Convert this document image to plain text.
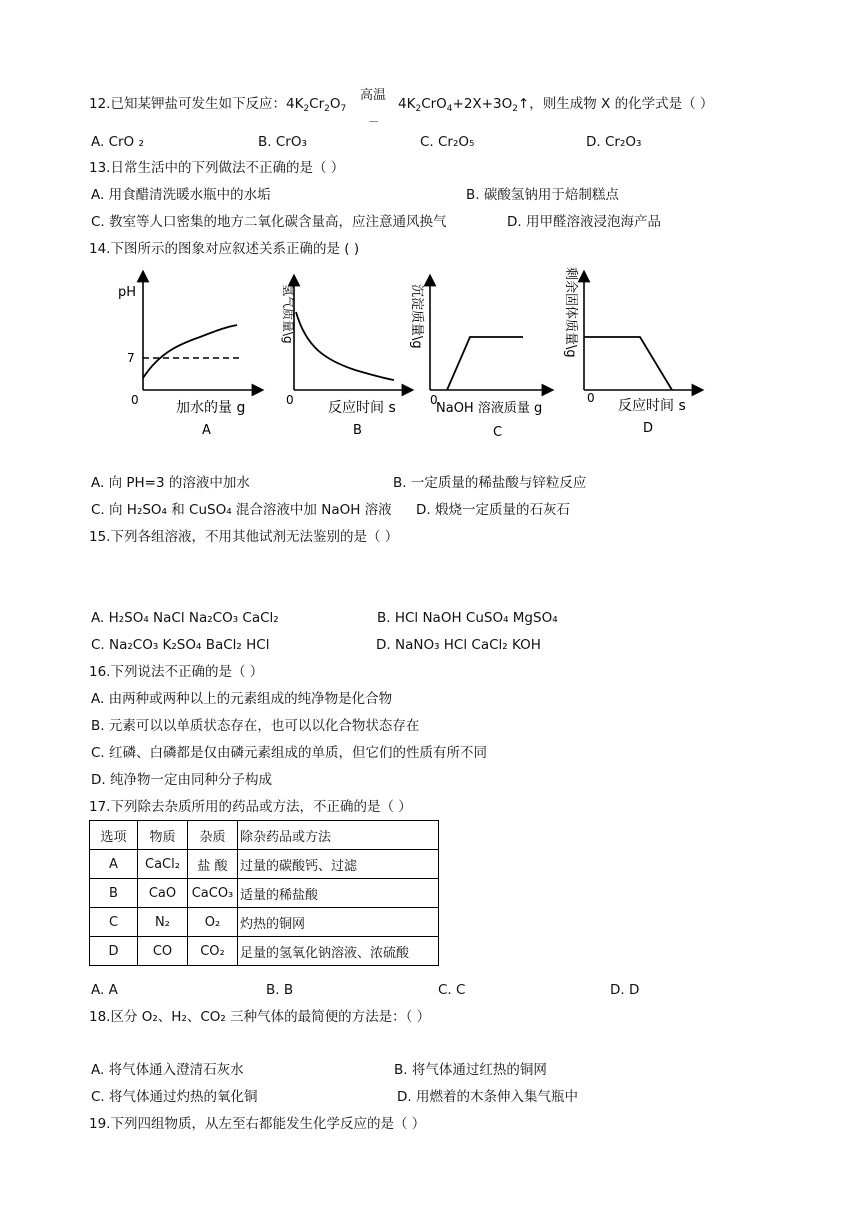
12.已知某钾盐可发生如下反应：$4K_2Cr_2O_7$
高温
－
$4K_2CrO_4+2X+3O_2↑$，则生成物 X 的化学式是（ ）
A. CrO ₂	B. CrO₃	C. Cr₂O₅	D. Cr₂O₃
13.日常生活中的下列做法不正确的是（ ）
A. 用食醋清洗暖水瓶中的水垢	B. 碳酸氢钠用于焙制糕点
C. 教室等人口密集的地方二氧化碳含量高，应注意通风换气	D. 用甲醛溶液浸泡海产品
14.下图所示的图象对应叙述关系正确的是 ( )
pH
7
0	加水的量 g
A
氢气质量\g
0 反应时间 s
B
沉淀质量\g
0
NaOH 溶液质量 g
C
剩余固体质量\g
0 反应时间 s
D
A. 向 PH=3 的溶液中加水	B. 一定质量的稀盐酸与锌粒反应
C. 向 H₂SO₄ 和 CuSO₄ 混合溶液中加 NaOH 溶液 D. 煅烧一定质量的石灰石
15.下列各组溶液，不用其他试剂无法鉴别的是（ ）
A. H₂SO₄ NaCl Na₂CO₃ CaCl₂	B. HCl NaOH CuSO₄ MgSO₄
C. Na₂CO₃ K₂SO₄ BaCl₂ HCl	D. NaNO₃ HCl CaCl₂ KOH
16.下列说法不正确的是（ ）
A. 由两种或两种以上的元素组成的纯净物是化合物
B. 元素可以以单质状态存在，也可以以化合物状态存在
C. 红磷、白磷都是仅由磷元素组成的单质，但它们的性质有所不同
D. 纯净物一定由同种分子构成
17.下列除去杂质所用的药品或方法，不正确的是（ ）
选项	物质	杂质	除杂药品或方法
A	CaCl₂	盐 酸	过量的碳酸钙、过滤
B	CaO	CaCO₃	适量的稀盐酸
C	N₂	O₂	灼热的铜网
D	CO	CO₂	足量的氢氧化钠溶液、浓硫酸
A. A	B. B	C. C	D. D
18.区分 O₂、H₂、CO₂ 三种气体的最简便的方法是：（ ）
A. 将气体通入澄清石灰水	B. 将气体通过红热的铜网
C. 将气体通过灼热的氧化铜	D. 用燃着的木条伸入集气瓶中
19.下列四组物质，从左至右都能发生化学反应的是（ ）
